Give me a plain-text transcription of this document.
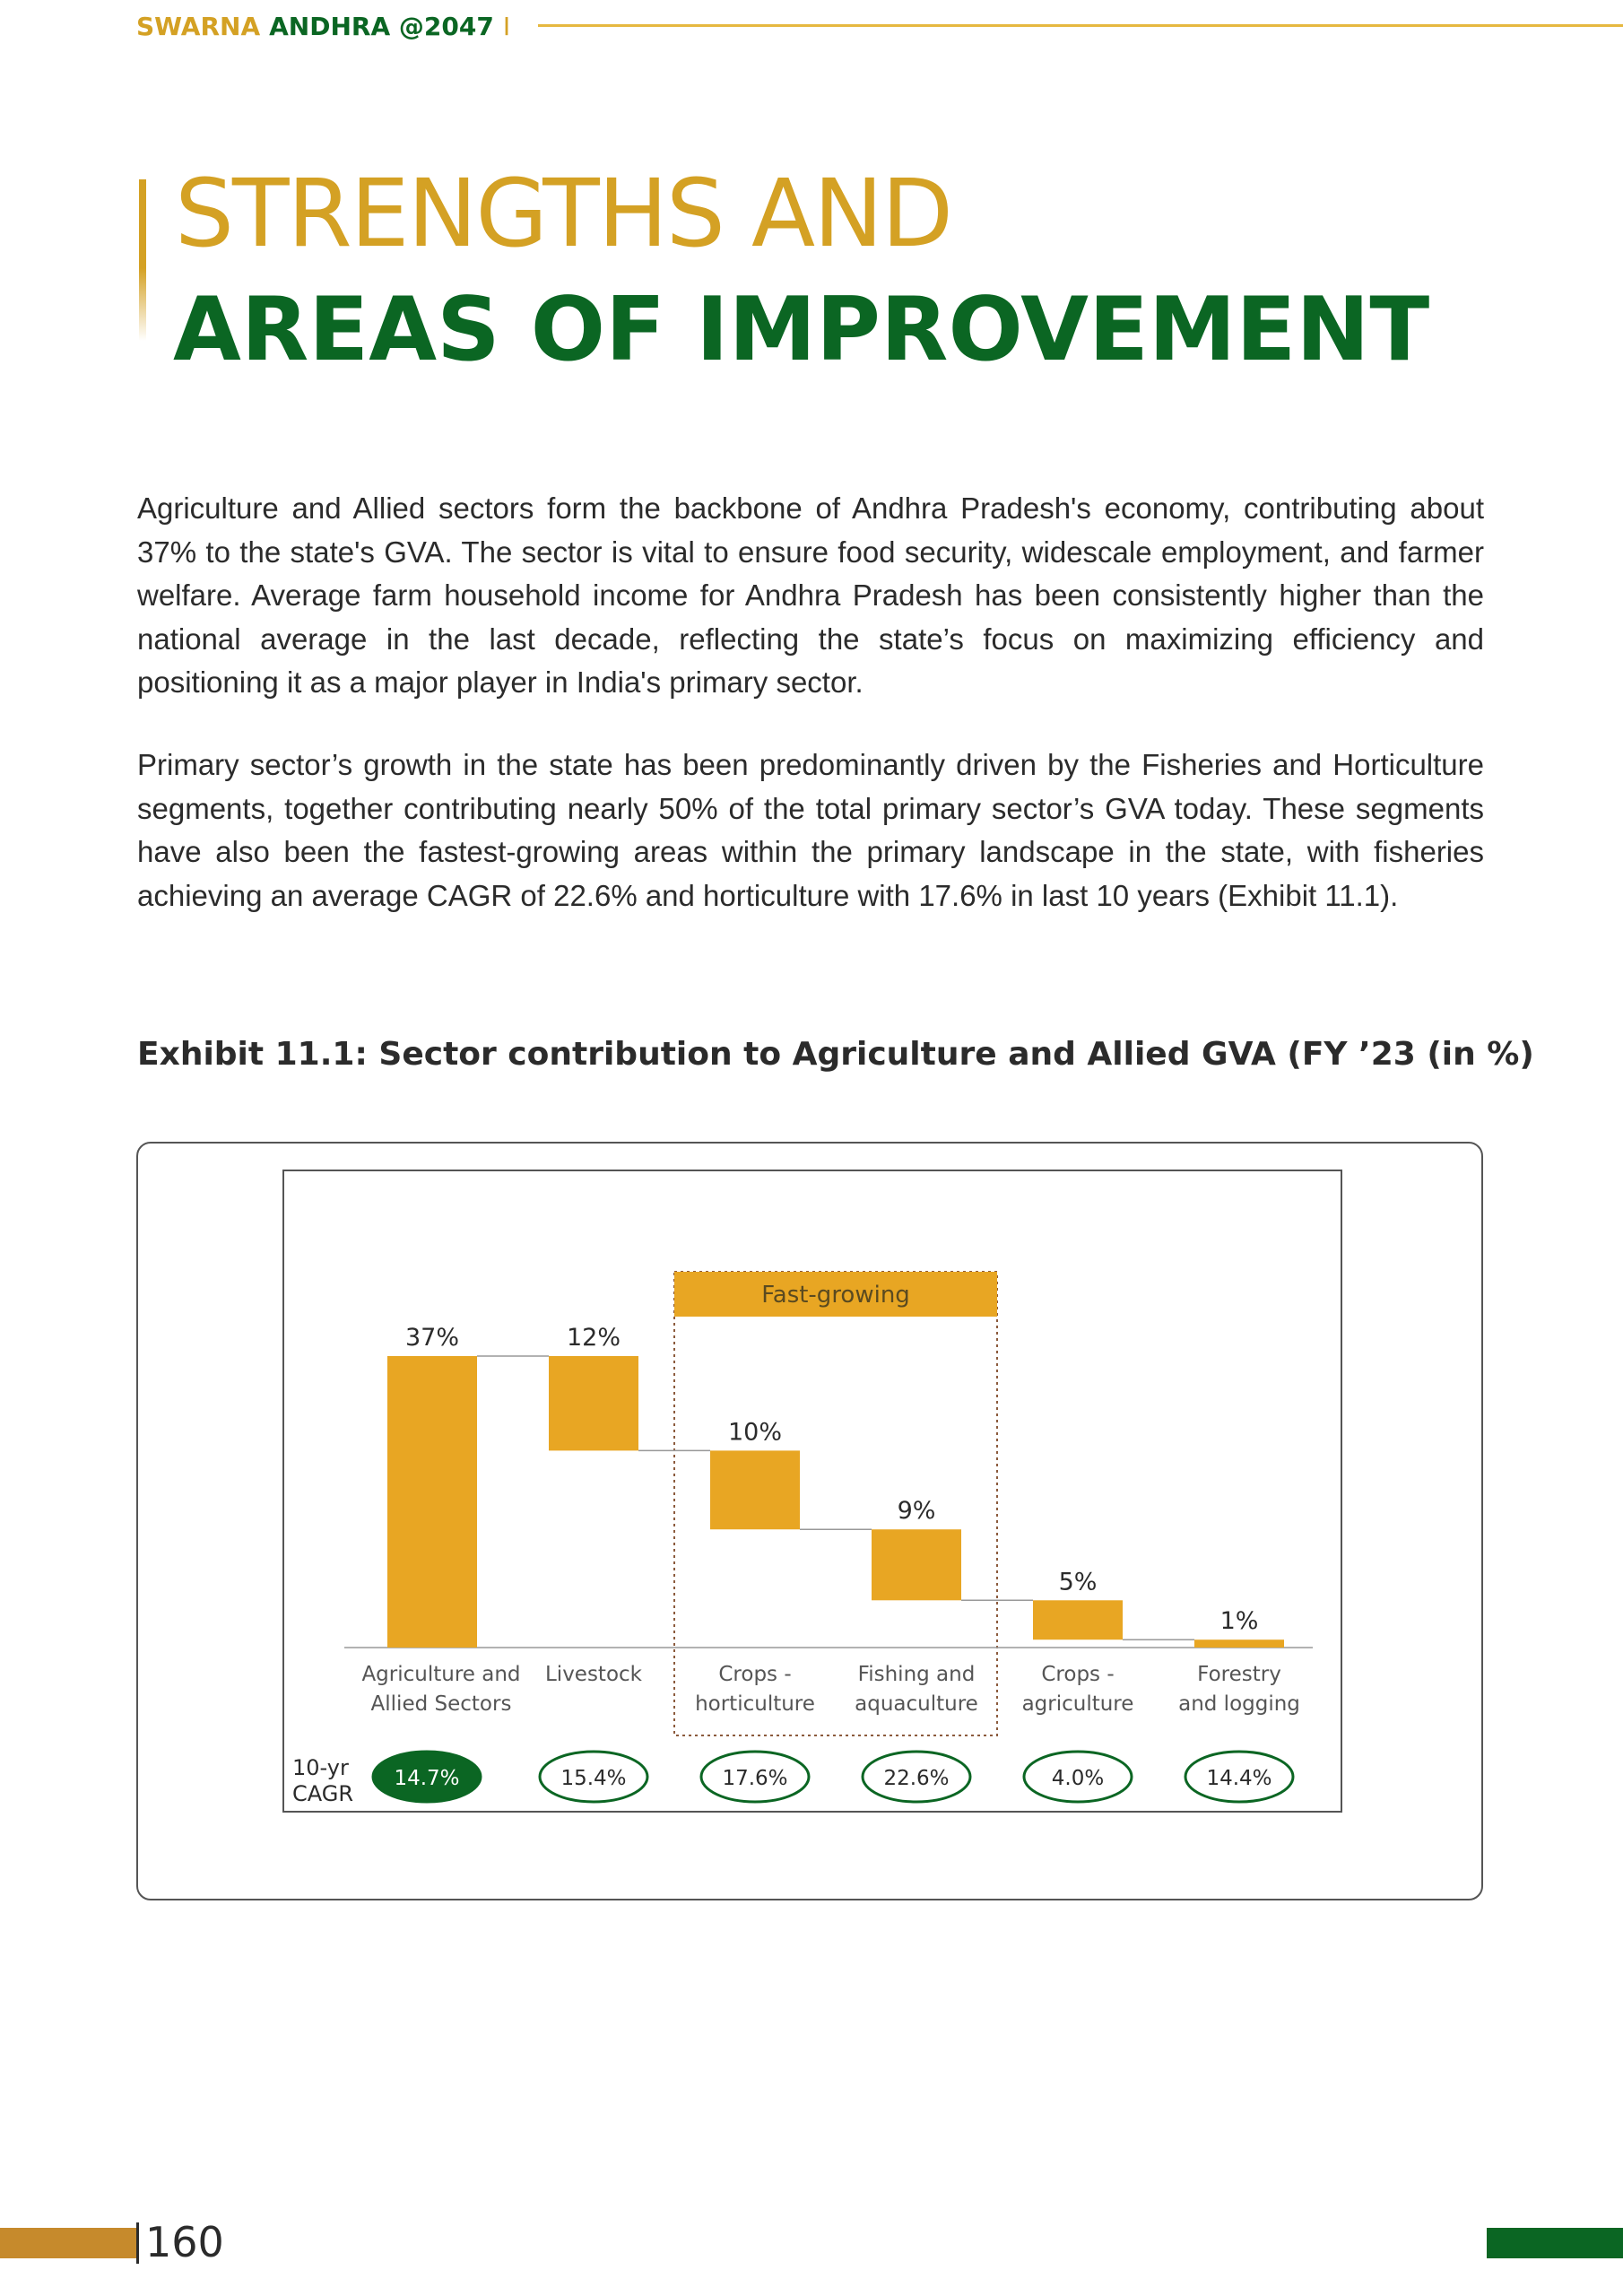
SWARNA ANDHRA @2047 I
STRENGTHS AND
AREAS OF IMPROVEMENT

Agriculture and Allied sectors form the backbone of Andhra Pradesh's economy, contributing about 37% to the state's GVA. The sector is vital to ensure food security, widescale employment, and farmer welfare. Average farm household income for Andhra Pradesh has been consistently higher than the national average in the last decade, reflecting the state’s focus on maximizing efficiency and positioning it as a major player in India's primary sector.

Primary sector’s growth in the state has been predominantly driven by the Fisheries and Horticulture segments, together contributing nearly 50% of the total primary sector’s GVA today. These segments have also been the fastest-growing areas within the primary landscape in the state, with fisheries achieving an average CAGR of 22.6% and horticulture with 17.6% in last 10 years (Exhibit 11.1).

Exhibit 11.1: Sector contribution to Agriculture and Allied GVA (FY ’23 (in %)
Fast-growing
37%
Agriculture and
Allied Sectors
12%
Livestock
10%
Crops -
horticulture
9%
Fishing and
aquaculture
5%
Crops -
agriculture
1%
Forestry
and logging
10-yr
CAGR
14.7%	15.4%	17.6%	22.6%	4.0%	14.4%
160
